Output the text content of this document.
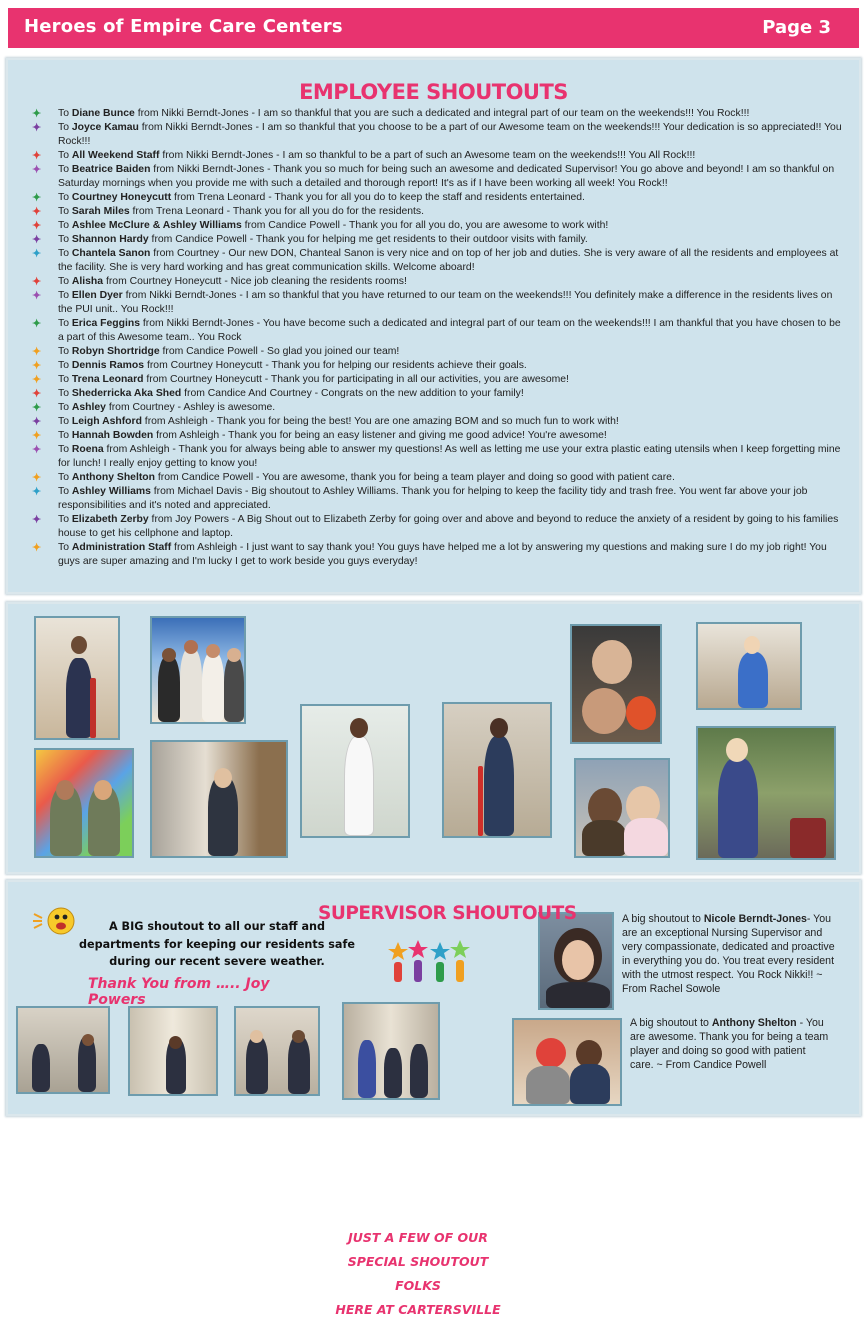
Heroes of Empire Care Centers	Page 3
EMPLOYEE SHOUTOUTS
✦ To Diane Bunce from Nikki Berndt-Jones - I am so thankful that you are such a dedicated and integral part of our team on the weekends!!! You Rock!!!
✦ To Joyce Kamau from Nikki Berndt-Jones - I am so thankful that you choose to be a part of our Awesome team on the weekends!!! Your dedication is so appreciated!! You Rock!!!
✦ To All Weekend Staff from Nikki Berndt-Jones - I am so thankful to be a part of such an Awesome team on the weekends!!! You All Rock!!!
✦ To Beatrice Baiden from Nikki Berndt-Jones - Thank you so much for being such an awesome and dedicated Supervisor! You go above and beyond! I am so thankful on Saturday mornings when you provide me with such a detailed and thorough report! It's as if I have been working all week! You Rock!!
✦ To Courtney Honeycutt from Trena Leonard - Thank you for all you do to keep the staff and residents entertained.
✦ To Sarah Miles from Trena Leonard - Thank you for all you do for the residents.
✦ To Ashlee McClure & Ashley Williams from Candice Powell - Thank you for all you do, you are awesome to work with!
✦ To Shannon Hardy from Candice Powell - Thank you for helping me get residents to their outdoor visits with family.
✦ To Chantela Sanon from Courtney - Our new DON, Chanteal Sanon is very nice and on top of her job and duties. She is very aware of all the residents and employees at the facility. She is very hard working and has great communication skills. Welcome aboard!
✦ To Alisha from Courtney Honeycutt - Nice job cleaning the residents rooms!
✦ To Ellen Dyer from Nikki Berndt-Jones - I am so thankful that you have returned to our team on the weekends!!! You definitely make a difference in the residents lives on the PUI unit.. You Rock!!!
✦ To Erica Feggins from Nikki Berndt-Jones - You have become such a dedicated and integral part of our team on the weekends!!! I am thankful that you have chosen to be a part of this Awesome team.. You Rock
✦ To Robyn Shortridge from Candice Powell - So glad you joined our team!
✦ To Dennis Ramos from Courtney Honeycutt - Thank you for helping our residents achieve their goals.
✦ To Trena Leonard from Courtney Honeycutt - Thank you for participating in all our activities, you are awesome!
✦ To Shederricka Aka Shed from Candice And Courtney - Congrats on the new addition to your family!
✦ To Ashley from Courtney - Ashley is awesome.
✦ To Leigh Ashford from Ashleigh - Thank you for being the best! You are one amazing BOM and so much fun to work with!
✦ To Hannah Bowden from Ashleigh - Thank you for being an easy listener and giving me good advice! You're awesome!
✦ To Roena from Ashleigh - Thank you for always being able to answer my questions! As well as letting me use your extra plastic eating utensils when I keep forgetting mine for lunch! I really enjoy getting to know you!
✦ To Anthony Shelton from Candice Powell - You are awesome, thank you for being a team player and doing so good with patient care.
✦ To Ashley Williams from Michael Davis - Big shoutout to Ashley Williams. Thank you for helping to keep the facility tidy and trash free. You went far above your job responsibilities and it's noted and appreciated.
✦ To Elizabeth Zerby from Joy Powers - A Big Shout out to Elizabeth Zerby for going over and above and beyond to reduce the anxiety of a resident by going to his families house to get his cellphone and laptop.
✦ To Administration Staff from Ashleigh - I just want to say thank you! You guys have helped me a lot by answering my questions and making sure I do my job right! You guys are super amazing and I'm lucky I get to work beside you guys everyday!
JUST A FEW OF OUR
SPECIAL SHOUTOUT FOLKS
HERE AT CARTERSVILLE
SUPERVISOR SHOUTOUTS
A BIG shoutout to all our staff and
departments for keeping our residents safe
during our recent severe weather.
Thank You from ….. Joy Powers
A big shoutout to Nicole Berndt-Jones- You are an exceptional Nursing Supervisor and very compassionate, dedicated and proactive in everything you do. You treat every resident with the utmost respect. You Rock Nikki!! ~ From Rachel Sowole
A big shoutout to Anthony Shelton - You are awesome. Thank you for being a team player and doing so good with patient care. ~ From Candice Powell
